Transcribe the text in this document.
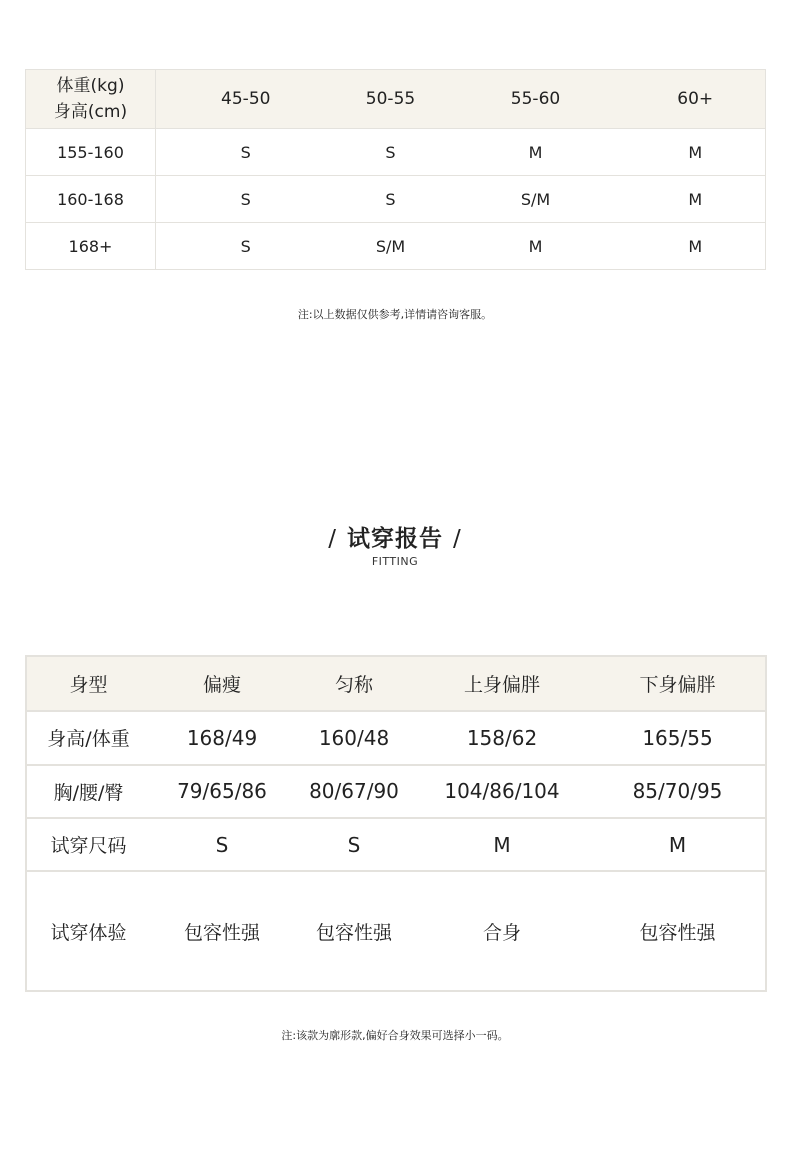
体重(kg)
身高(cm)	45-50	50-55	55-60	60+
155-160	S	S	M	M
160-168	S	S	S/M	M
168+	S	S/M	M	M
注:以上数据仅供参考,详情请咨询客服。
/ 试穿报告 /
FITTING
身型	偏瘦	匀称	上身偏胖	下身偏胖
身高/体重	168/49	160/48	158/62	165/55
胸/腰/臀	79/65/86	80/67/90	104/86/104	85/70/95
试穿尺码	S	S	M	M
试穿体验	包容性强	包容性强	合身	包容性强
注:该款为廓形款,偏好合身效果可选择小一码。
